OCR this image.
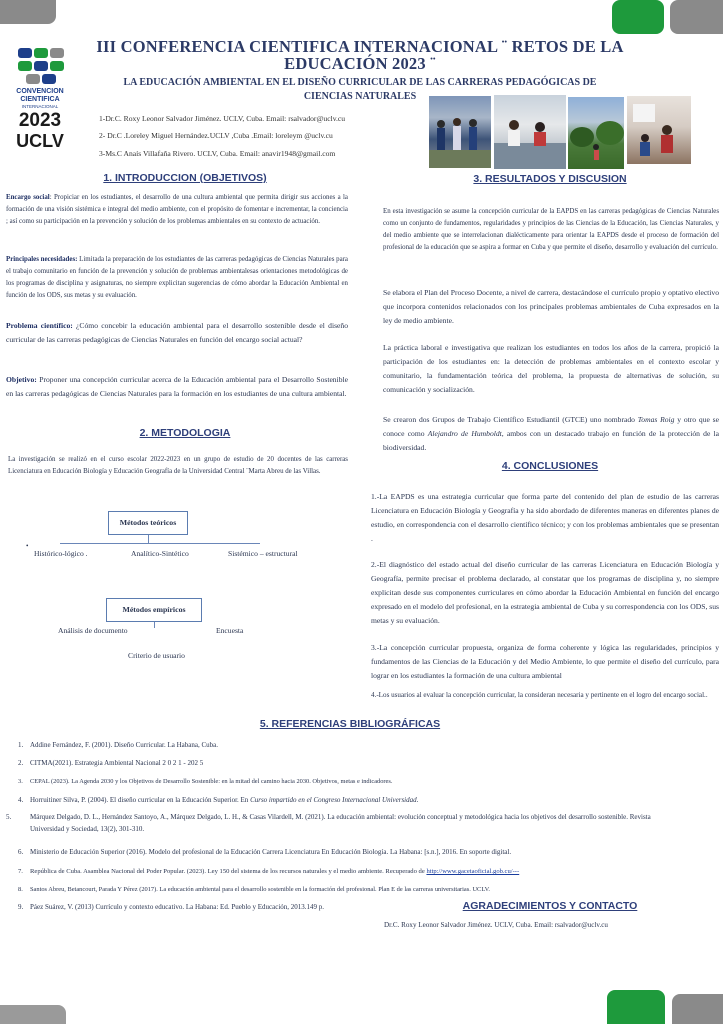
CONVENCION
CIENTIFICA
INTERNACIONAL
2023
UCLV
III CONFERENCIA CIENTIFICA INTERNACIONAL ¨ RETOS DE LA
EDUCACIÓN 2023 ¨
LA EDUCACIÓN AMBIENTAL EN EL DISEÑO CURRICULAR DE LAS CARRERAS PEDAGÓGICAS DE
CIENCIAS NATURALES
1-Dr.C. Roxy Leonor Salvador Jiménez. UCLV, Cuba. Email: rsalvador@uclv.cu
2- Dr.C .Loreley Miguel Hernández.UCLV ,Cuba .Email: loreleym @uclv.cu
3-Ms.C Anaís Villafaña Rivero. UCLV, Cuba. Email: anavir1948@gmail.com
1. INTRODUCCION (OBJETIVOS)
Encargo social: Propiciar en los estudiantes, el desarrollo de una cultura ambiental que permita dirigir sus acciones a la formación de una visión sistémica e integral del medio ambiente, con el propósito de fomentar e incrementar, la conciencia ; así como su participación en la prevención y solución de los problemas ambientales en su contexto de actuación.
Principales necesidades: Limitada la preparación de los estudiantes de las carreras pedagógicas de Ciencias Naturales para el trabajo comunitario en función de la prevención y solución de problemas ambientalesas orientaciones metodológicas de los programas de disciplina y asignaturas, no siempre explicitan sugerencias de cómo abordar la Educación Ambiental en función de los ODS, sus metas y su evaluación.
Problema científico: ¿Cómo concebir la educación ambiental para el desarrollo sostenible desde el diseño curricular de las carreras pedagógicas de Ciencias Naturales en función del encargo social actual?
Objetivo: Proponer una concepción curricular acerca de la Educación ambiental para el Desarrollo Sostenible en las carreras pedagógicas de Ciencias Naturales para la formación en los estudiantes de una cultura ambiental.
2. METODOLOGIA
La investigación se realizó en el curso escolar 2022-2023 en un grupo de estudio de 20 docentes de las carreras Licenciatura en Educación Biología y Educación Geografía de la Universidad Central ¨Marta Abreu de las Villas.
Métodos teóricos
•
Histórico-lógico .	Analítico-Sintético	Sistémico – estructural
Métodos empíricos
Análisis de documento	Encuesta
Criterio de usuario
3. RESULTADOS Y DISCUSION
En esta investigación se asume la concepción curricular de la EAPDS en las carreras pedagógicas de Ciencias Naturales como un conjunto de fundamentos, regularidades y principios de las Ciencias de la Educación, las Ciencias Naturales, y del medio ambiente que se interrelacionan dialécticamente para orientar la EAPDS desde el proceso de formación del profesional de la educación que se aspira a formar en Cuba y que permite el diseño, desarrollo y evaluación del currículo.
Se elabora el Plan del Proceso Docente, a nivel de carrera, destacándose el currículo propio y optativo electivo que incorpora contenidos relacionados con los principales problemas ambientales de Cuba expresados en la ley de medio ambiente.
La práctica laboral e investigativa que realizan los estudiantes en todos los años de la carrera, propició la participación de los estudiantes en: la detección de problemas ambientales en el contexto escolar y comunitario, la fundamentación teórica del problema, la propuesta de alternativas de solución, su comunicación y socialización.
Se crearon dos Grupos de Trabajo Científico Estudiantil (GTCE) uno nombrado Tomas Roig y otro que se conoce como Alejandro de Humboldt, ambos con un destacado trabajo en función de la protección de la biodiversidad.
4. CONCLUSIONES
1.-La EAPDS es una estrategia curricular que forma parte del contenido del plan de estudio de las carreras Licenciatura en Educación Biología y Geografía y ha sido abordado de diferentes maneras en diferentes planes de estudio, en correspondencia con el desarrollo científico técnico; y con los problemas ambientales que se presentan .
2.-El diagnóstico del estado actual del diseño curricular de las carreras Licenciatura en Educación Biología y Geografía, permite precisar el problema declarado, al constatar que los programas de disciplina y, no siempre explicitan desde sus componentes curriculares en cómo abordar la Educación Ambiental en función del encargo expresado en el modelo del profesional, en la estrategia ambiental de Cuba y su correspondencia con los ODS, sus metas y su evaluación.
3.-La concepción curricular propuesta, organiza de forma coherente y lógica las regularidades, principios y fundamentos de las Ciencias de la Educación y del Medio Ambiente, lo que permite el diseño del currículo, para lograr en los estudiantes la formación de una cultura ambiental
4.-Los usuarios al evaluar la concepción curricular, la consideran necesaria y pertinente en el logro del encargo social..
5. REFERENCIAS BIBLIOGRÁFICAS
1. Addine Fernández, F. (2001). Diseño Curricular. La Habana, Cuba.
2. CITMA(2021). Estrategia Ambiental Nacional 2 0 2 1 - 202 5
3. CEPAL (2023). La Agenda 2030 y los Objetivos de Desarrollo Sostenible: en la mitad del camino hacia 2030. Objetivos, metas e indicadores.
4. Horruitiner Silva, P. (2004). El diseño curricular en la Educación Superior. En Curso impartido en el Congreso Internacional Universidad.
5.	Márquez Delgado, D. L., Hernández Santoyo, A., Márquez Delgado, L. H., & Casas Vilardell, M. (2021). La educación ambiental: evolución conceptual y metodológica hacia los objetivos del desarrollo sostenible. Revista Universidad y Sociedad, 13(2), 301-310.
6. Ministerio de Educación Superior (2016). Modelo del profesional de la Educación Carrera Licenciatura En Educación Biología. La Habana: [s.n.], 2016. En soporte digital.
7. República de Cuba. Asamblea Nacional del Poder Popular. (2023). Ley 150 del sistema de los recursos naturales y el medio ambiente. Recuperado de http://www.gacetaoficial.gob.cu/---
8. Santos Abreu, Betancourt, Parada Y Pérez (2017). La educación ambiental para el desarrollo sostenible en la formación del profesional. Plan E de las carreras universitarias. UCLV.
9. Páez Suárez, V. (2013) Currículo y contexto educativo. La Habana: Ed. Pueblo y Educación, 2013.149 p.	AGRADECIMIENTOS Y CONTACTO
Dr.C. Roxy Leonor Salvador Jiménez. UCLV, Cuba. Email: rsalvador@uclv.cu
